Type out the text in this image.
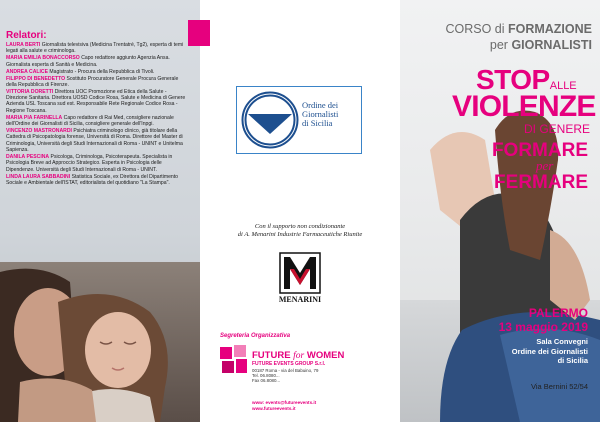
Relatori:

LAURA BERTI Giornalista televisiva (Medicina Trentatré, Tg2), esperta di temi legati alla salute e criminologa.

MARIA EMILIA BONACCORSO Capo redattore aggiunto Agenzia Ansa. Giornalista esperta di Sanità e Medicina.

ANDREA CALICE Magistrato - Procura della Repubblica di Tivoli.

FILIPPO DI BENEDETTO Sostituto Procuratore Generale Procura Generale della Repubblica di Firenze.

VITTORIA DORETTI Direttora UOC Promozione ed Etica della Salute - Direzione Sanitaria. Direttora UOSD Codice Rosa, Salute e Medicina di Genere Azienda USL Toscana sud est. Responsabile Rete Regionale Codice Rosa - Regione Toscana.

MARIA PIA FARINELLA Capo redattore di Rai Med, consigliere nazionale dell'Ordine dei Giornalisti di Sicilia, consigliere generale dell'Inpgi.

VINCENZO MASTRONARDI Psichiatra criminologo clinico, già titolare della Cattedra di Psicopatologia forense, Università di Roma. Direttore del Master di Criminologia, Università degli Studi Internazionali di Roma - UNINT e Unitelma Sapienza.

DANILA PESCINA Psicologa, Criminologa, Psicoterapeuta. Specialista in Psicologia Breve ad Approccio Strategico. Esperta in Psicologia delle Dipendenze. Università degli Studi Internazionali di Roma - UNINT.

LINDA LAURA SABBADINI Statistica Sociale, ex Direttora del Dipartimento Sociale e Ambientale dell'ISTAT, editorialista del quotidiano "La Stampa".

Ordine dei
Giornalisti
di Sicilia
Con il supporto non condizionante
di A. Menarini Industrie Farmaceutiche Riunite
MENARINI
Segreteria Organizzativa
FUTURE for WOMEN
FUTURE EVENTS GROUP S.r.l.
00187 Roma - via del Babuino, 79
Tel. 06.8080...
Fax 06.8080...
www: events@futureevents.it
www.futureevents.it
CORSO di FORMAZIONE
per GIORNALISTI
STOPALLE
VIOLENZE
DI GENERE
FORMARE
per
FERMARE
PALERMO
13 maggio 2019
Sala Convegni
Ordine dei Giornalisti
di Sicilia
Via Bernini 52/54
